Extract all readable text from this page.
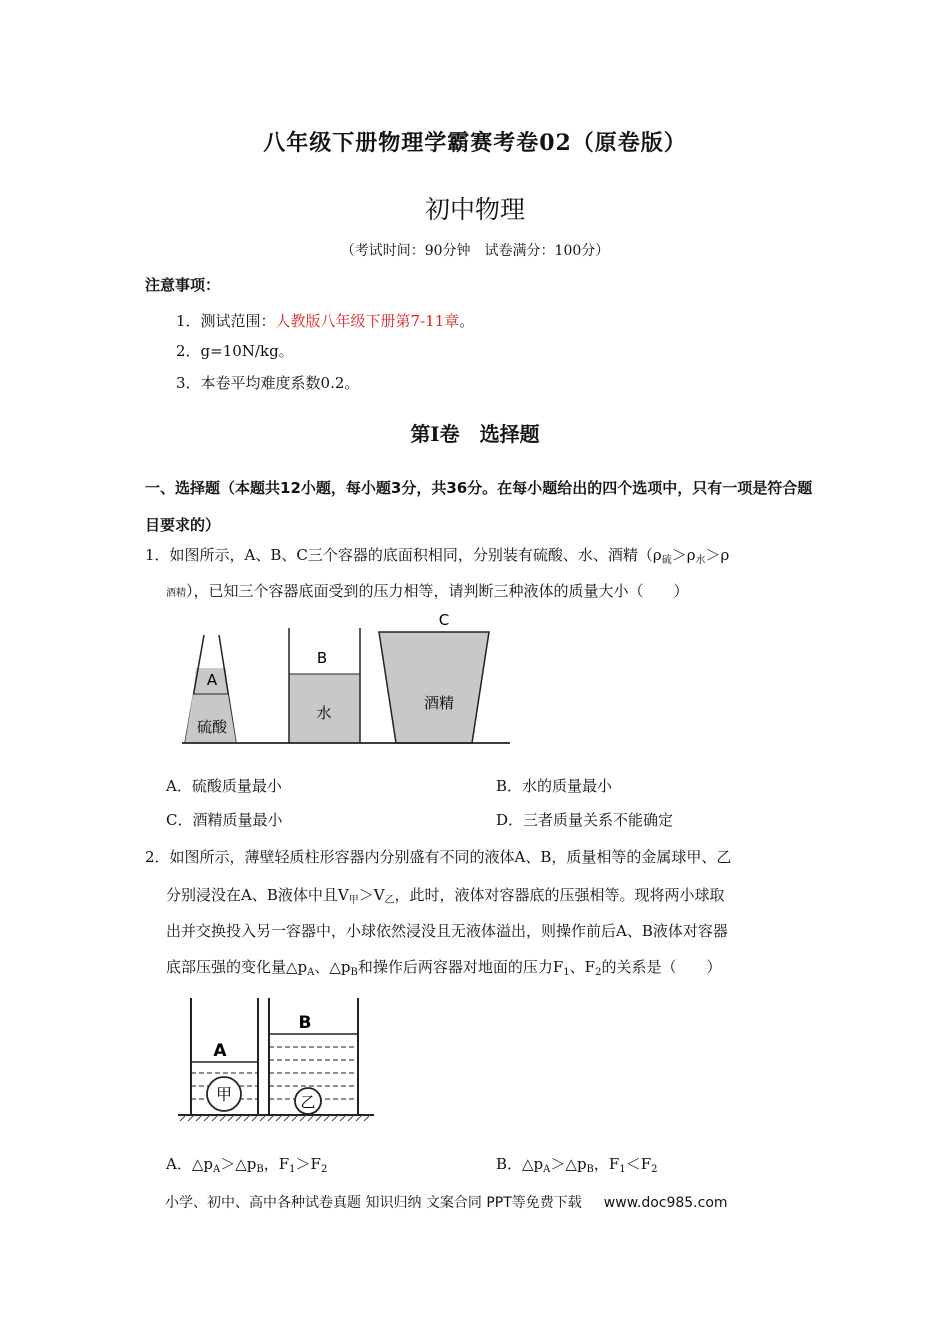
八年级下册物理学霸赛考卷02（原卷版）
初中物理
（考试时间：90分钟　试卷满分：100分）
注意事项：
1．测试范围：人教版八年级下册第7-11章。
2．g=10N/kg。
3．本卷平均难度系数0.2。
第Ⅰ卷　选择题
一、选择题（本题共12小题，每小题3分，共36分。在每小题给出的四个选项中，只有一项是符合题目要求的）
1．如图所示，A、B、C三个容器的底面积相同，分别装有硫酸、水、酒精（$\rho_硫>\rho_水>\rho$
酒精），已知三个容器底面受到的压力相等，请判断三种液体的质量大小（　　）
A
硫酸
B
水
C
酒精
A．硫酸质量最小	B．水的质量最小
C．酒精质量最小	D．三者质量关系不能确定
2．如图所示，薄壁轻质柱形容器内分别盛有不同的液体A、B，质量相等的金属球甲、乙
分别浸没在A、B液体中且$V_甲>V_乙$，此时，液体对容器底的压强相等。现将两小球取
出并交换投入另一容器中，小球依然浸没且无液体溢出，则操作前后A、B液体对容器
底部压强的变化量$\triangle p_A$、$\triangle p_B$和操作后两容器对地面的压力$F_1$、$F_2$的关系是（　　）
A
甲
B
乙
A．$\triangle p_A>\triangle p_B$，$F_1>F_2$	B．$\triangle p_A>\triangle p_B$，$F_1<F_2$
小学、初中、高中各种试卷真题 知识归纳 文案合同 PPT等免费下载 www.doc985.com
